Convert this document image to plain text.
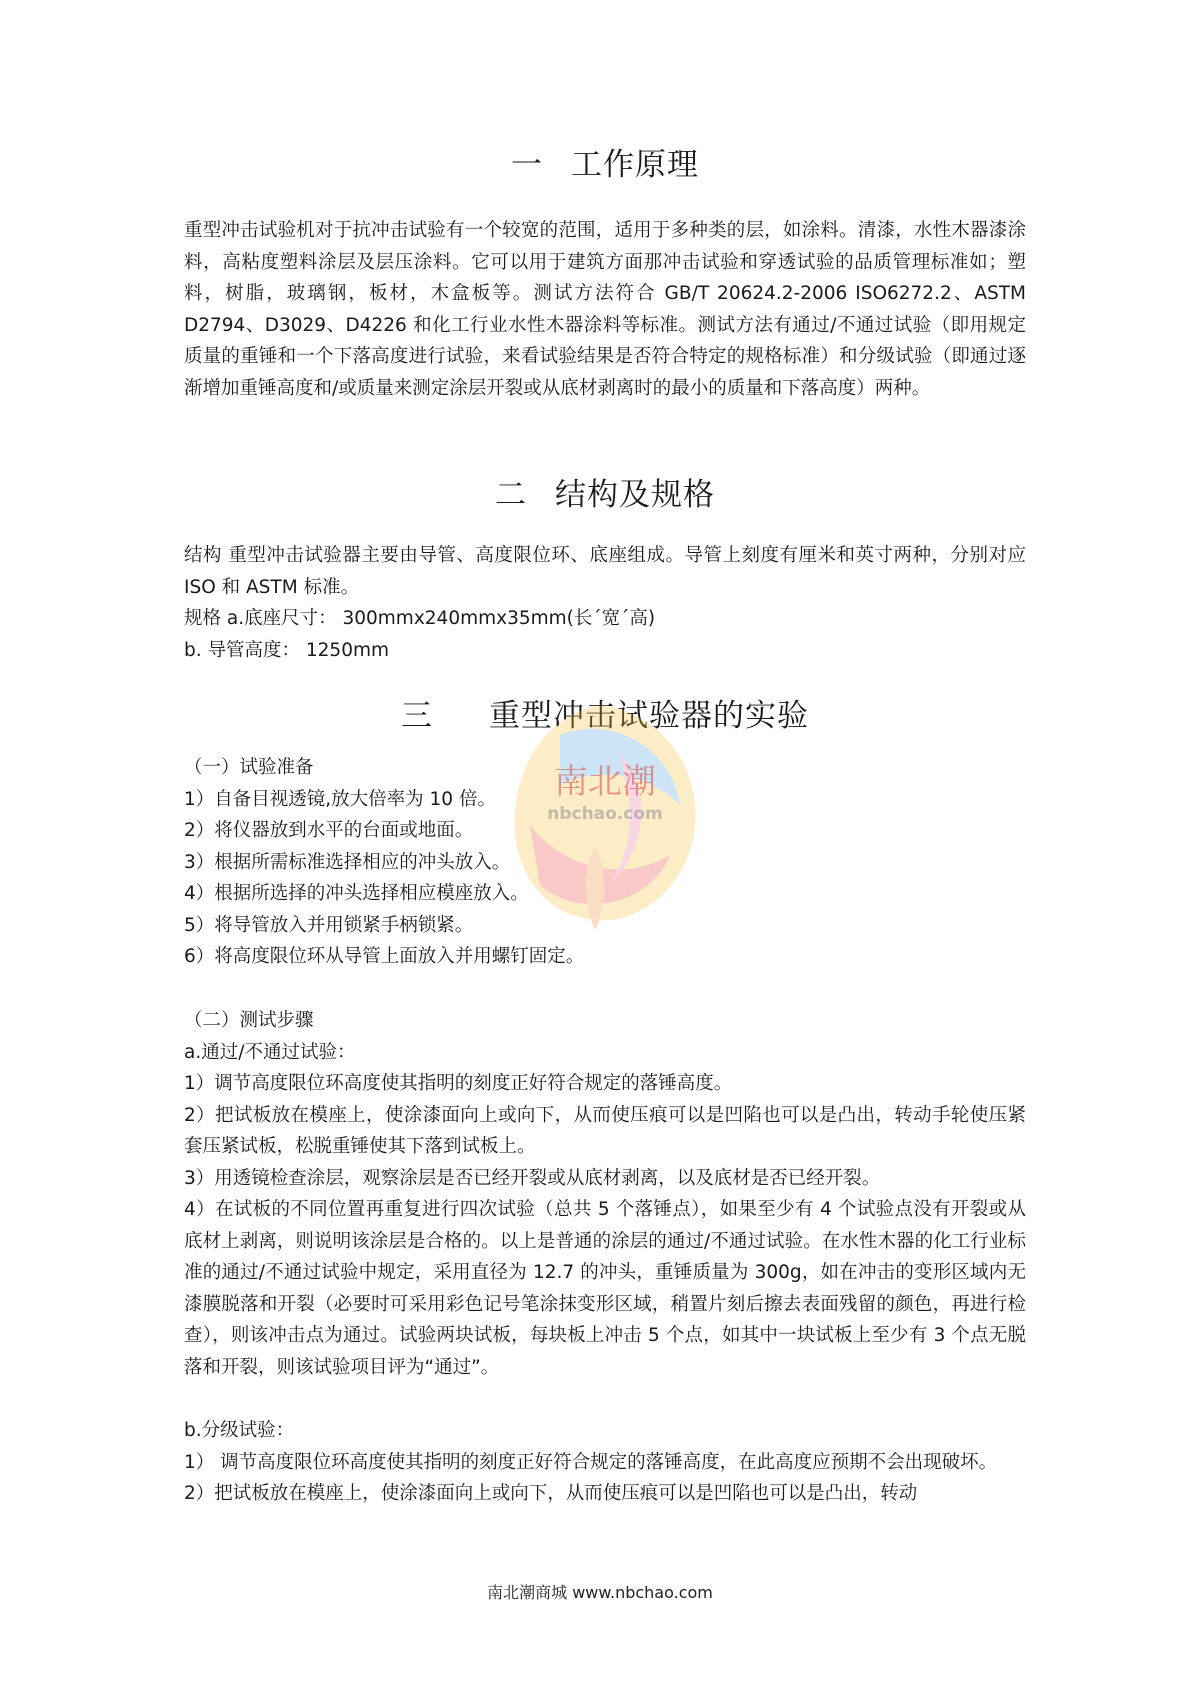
一 工作原理

重型冲击试验机对于抗冲击试验有一个较宽的范围，适用于多种类的层，如涂料。清漆，水性木器漆涂料，高粘度塑料涂层及层压涂料。它可以用于建筑方面那冲击试验和穿透试验的品质管理标准如；塑料，树脂，玻璃钢，板材，木盒板等。测试方法符合 GB/T 20624.2-2006 ISO6272.2、ASTM D2794、D3029、D4226 和化工行业水性木器涂料等标准。测试方法有通过/不通过试验（即用规定质量的重锤和一个下落高度进行试验，来看试验结果是否符合特定的规格标准）和分级试验（即通过逐渐增加重锤高度和/或质量来测定涂层开裂或从底材剥离时的最小的质量和下落高度）两种。

二 结构及规格

结构 重型冲击试验器主要由导管、高度限位环、底座组成。导管上刻度有厘米和英寸两种，分别对应 ISO 和 ASTM 标准。

规格 a.底座尺寸： 300mmx240mmx35mm(长´宽´高)

b. 导管高度： 1250mm

三 重型冲击试验器的实验
南北潮
nbchao.com

（一）试验准备

1）自备目视透镜,放大倍率为 10 倍。

2）将仪器放到水平的台面或地面。

3）根据所需标准选择相应的冲头放入。

4）根据所选择的冲头选择相应模座放入。

5）将导管放入并用锁紧手柄锁紧。

6）将高度限位环从导管上面放入并用螺钉固定。

（二）测试步骤

a.通过/不通过试验：

1）调节高度限位环高度使其指明的刻度正好符合规定的落锤高度。

2）把试板放在模座上，使涂漆面向上或向下，从而使压痕可以是凹陷也可以是凸出，转动手轮使压紧套压紧试板，松脱重锤使其下落到试板上。

3）用透镜检查涂层，观察涂层是否已经开裂或从底材剥离，以及底材是否已经开裂。

4）在试板的不同位置再重复进行四次试验（总共 5 个落锤点），如果至少有 4 个试验点没有开裂或从底材上剥离，则说明该涂层是合格的。以上是普通的涂层的通过/不通过试验。在水性木器的化工行业标准的通过/不通过试验中规定，采用直径为 12.7 的冲头，重锤质量为 300g，如在冲击的变形区域内无漆膜脱落和开裂（必要时可采用彩色记号笔涂抹变形区域，稍置片刻后擦去表面残留的颜色，再进行检查），则该冲击点为通过。试验两块试板，每块板上冲击 5 个点，如其中一块试板上至少有 3 个点无脱落和开裂，则该试验项目评为“通过”。

b.分级试验：

1） 调节高度限位环高度使其指明的刻度正好符合规定的落锤高度，在此高度应预期不会出现破坏。

2）把试板放在模座上，使涂漆面向上或向下，从而使压痕可以是凹陷也可以是凸出，转动

南北潮商城 www.nbchao.com
